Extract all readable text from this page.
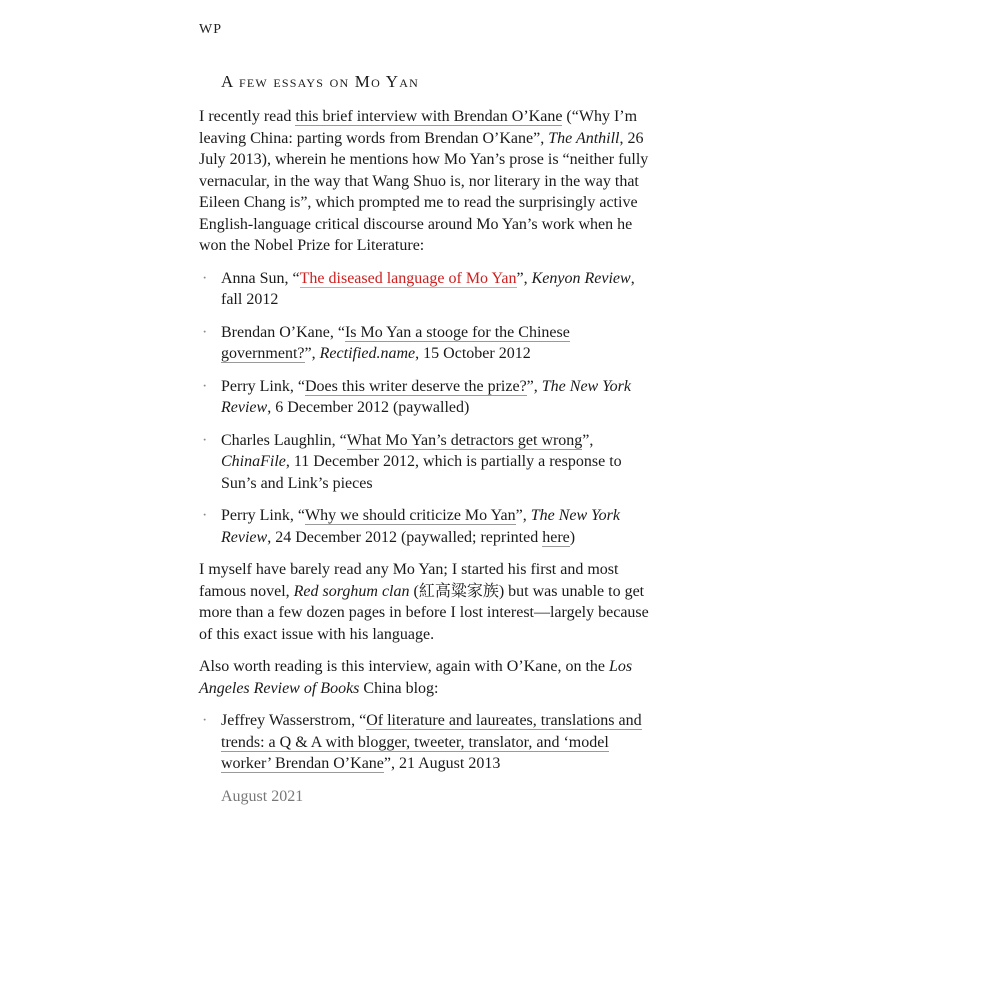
WP
A few essays on Mo Yan

I recently read this brief interview with Brendan O’Kane (“Why I’m leaving China: parting words from Brendan O’Kane”, The Anthill, 26 July 2013), wherein he mentions how Mo Yan’s prose is “neither fully vernacular, in the way that Wang Shuo is, nor literary in the way that Eileen Chang is”, which prompted me to read the surprisingly active English-language critical discourse around Mo Yan’s work when he won the Nobel Prize for Literature:

· Anna Sun, “The diseased language of Mo Yan”, Kenyon Review, fall 2012
· Brendan O’Kane, “Is Mo Yan a stooge for the Chinese government?”, Rectified.name, 15 October 2012
· Perry Link, “Does this writer deserve the prize?”, The New York Review, 6 December 2012 (paywalled)
· Charles Laughlin, “What Mo Yan’s detractors get wrong”, ChinaFile, 11 December 2012, which is partially a response to Sun’s and Link’s pieces
· Perry Link, “Why we should criticize Mo Yan”, The New York Review, 24 December 2012 (paywalled; reprinted here)

I myself have barely read any Mo Yan; I started his first and most famous novel, Red sorghum clan (紅高粱家族) but was unable to get more than a few dozen pages in before I lost interest—largely because of this exact issue with his language.

Also worth reading is this interview, again with O’Kane, on the Los Angeles Review of Books China blog:

· Jeffrey Wasserstrom, “Of literature and laureates, translations and trends: a Q & A with blogger, tweeter, translator, and ‘model worker’ Brendan O’Kane”, 21 August 2013
August 2021
